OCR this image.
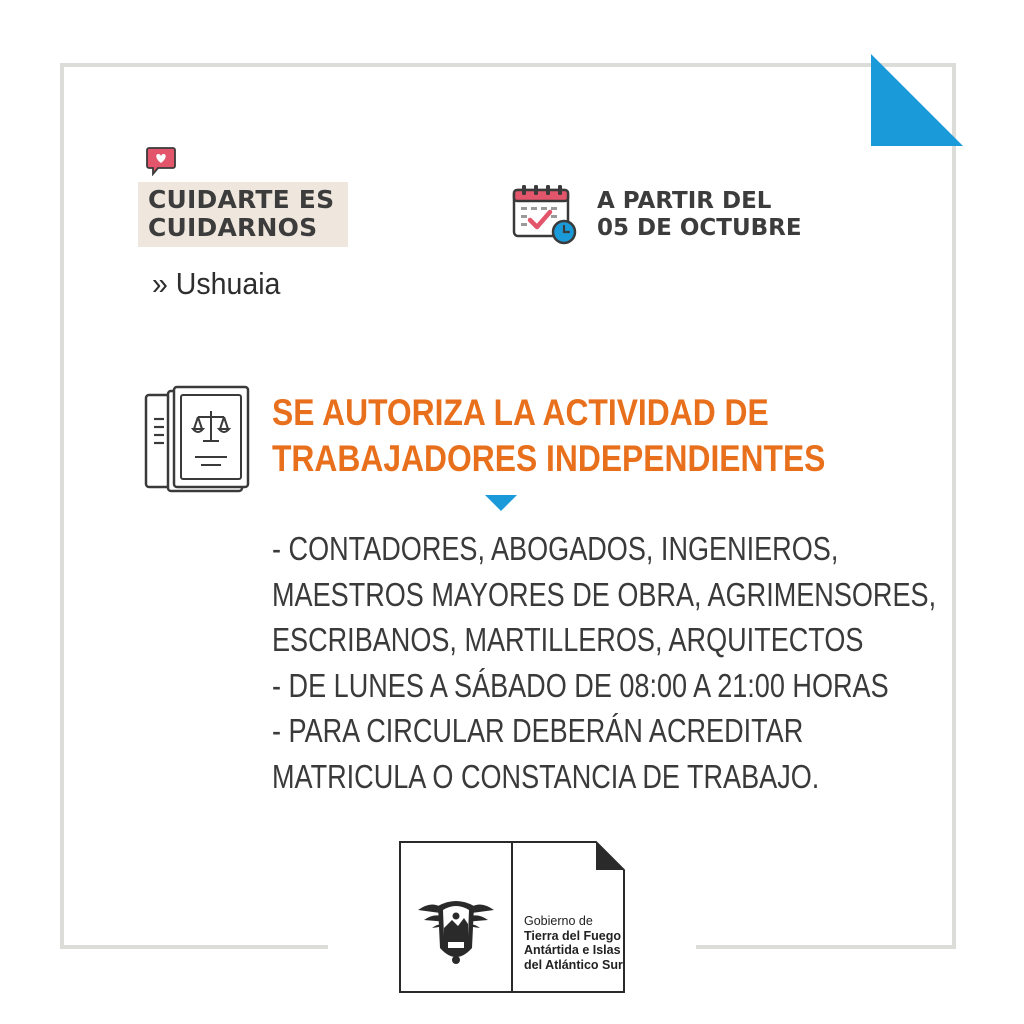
CUIDARTE ES
CUIDARNOS
» Ushuaia
A PARTIR DEL
05 DE OCTUBRE
SE AUTORIZA LA ACTIVIDAD DE
TRABAJADORES INDEPENDIENTES
- CONTADORES, ABOGADOS, INGENIEROS,
MAESTROS MAYORES DE OBRA, AGRIMENSORES,
ESCRIBANOS, MARTILLEROS, ARQUITECTOS
- DE LUNES A SÁBADO DE 08:00 A 21:00 HORAS
- PARA CIRCULAR DEBERÁN ACREDITAR
MATRICULA O CONSTANCIA DE TRABAJO.
Gobierno de
Tierra del Fuego
Antártida e Islas
del Atlántico Sur
